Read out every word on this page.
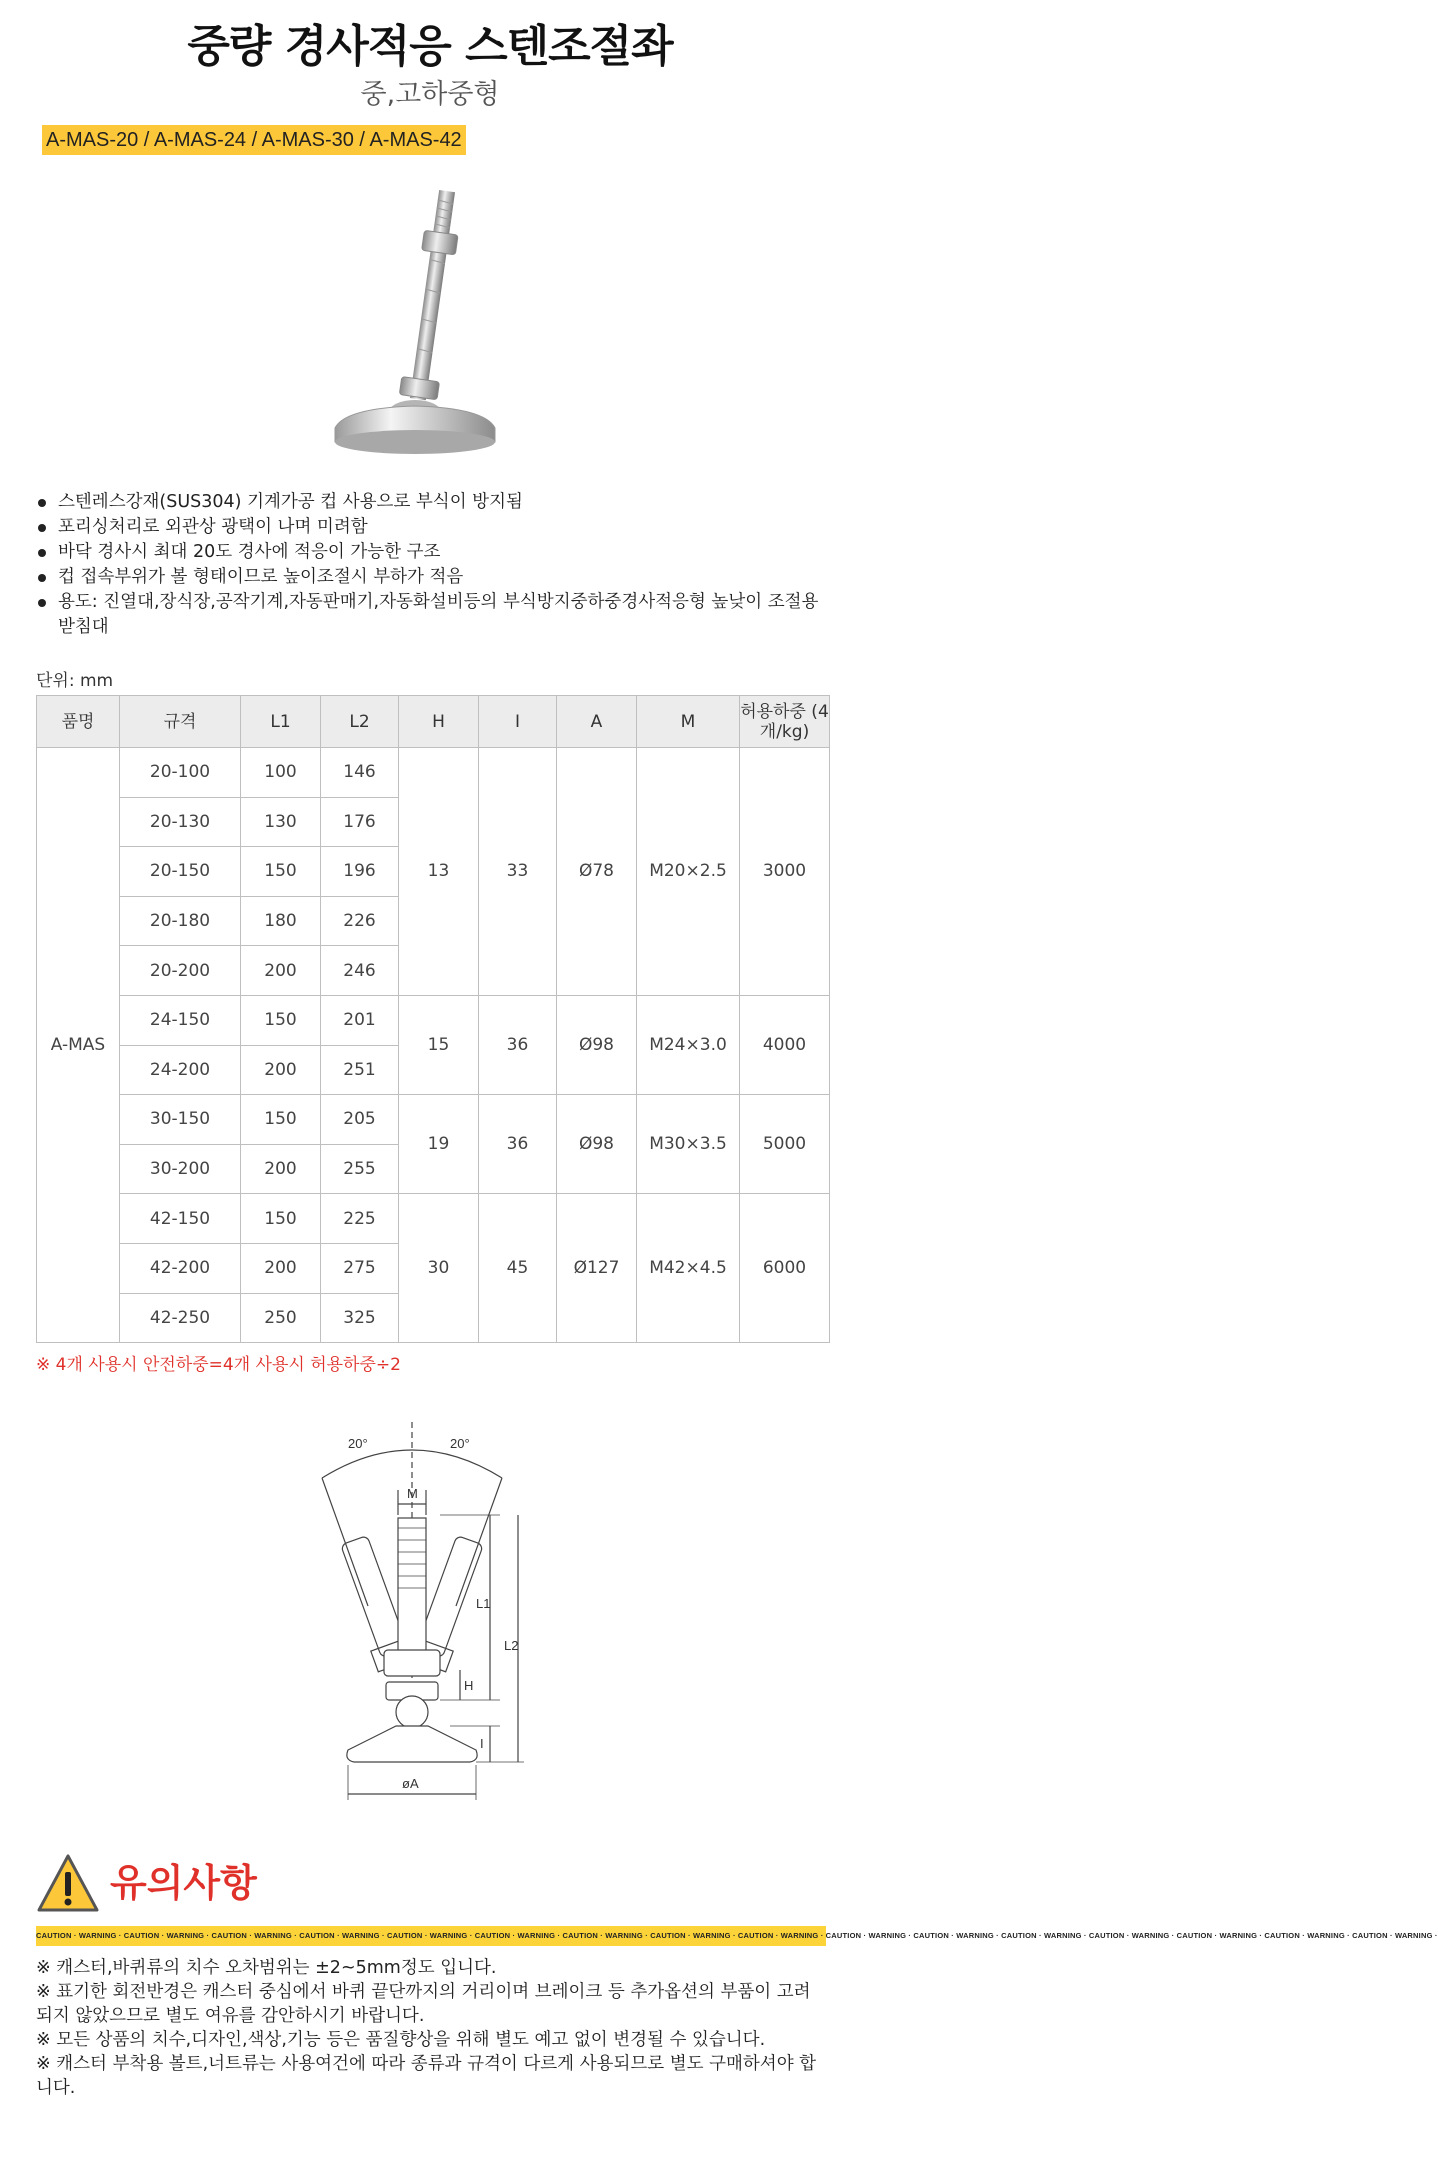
중량 경사적응 스텐조절좌
중,고하중형
A-MAS-20 / A-MAS-24 / A-MAS-30 / A-MAS-42
스텐레스강재(SUS304) 기계가공 컵 사용으로 부식이 방지됨
포리싱처리로 외관상 광택이 나며 미려함
바닥 경사시 최대 20도 경사에 적응이 가능한 구조
컵 접속부위가 볼 형태이므로 높이조절시 부하가 적음
용도: 진열대,장식장,공작기계,자동판매기,자동화설비등의 부식방지중하중경사적응형 높낮이 조절용 받침대
단위: mm
품명	규격	L1	L2	H	I	A	M	허용하중 (4개/kg)
A-MAS	20-100	100	146	13	33	Ø78	M20×2.5	3000
	20-130	130	176					
	20-150	150	196					
	20-180	180	226					
	20-200	200	246					
	24-150	150	201	15	36	Ø98	M24×3.0	4000
	24-200	200	251					
	30-150	150	205	19	36	Ø98	M30×3.5	5000
	30-200	200	255					
	42-150	150	225	30	45	Ø127	M42×4.5	6000
	42-200	200	275					
	42-250	250	325					
※ 4개 사용시 안전하중=4개 사용시 허용하중÷2
20°	20°
M
L1
L2
H
I
øA
유의사항
CAUTION · WARNING · CAUTION · WARNING · CAUTION · WARNING · CAUTION · WARNING · CAUTION · WARNING · CAUTION · WARNING · CAUTION · WARNING · CAUTION · WARNING · CAUTION · WARNING · CAUTION · WARNING · CAUTION · WARNING · CAUTION · WARNING · CAUTION · WARNING · CAUTION · WARNING · CAUTION · WARNING · CAUTION · WARNING ·
※ 캐스터,바퀴류의 치수 오차범위는 ±2~5mm정도 입니다.
※ 표기한 회전반경은 캐스터 중심에서 바퀴 끝단까지의 거리이며 브레이크 등 추가옵션의 부품이 고려되지 않았으므로 별도 여유를 감안하시기 바랍니다.
※ 모든 상품의 치수,디자인,색상,기능 등은 품질향상을 위해 별도 예고 없이 변경될 수 있습니다.
※ 캐스터 부착용 볼트,너트류는 사용여건에 따라 종류과 규격이 다르게 사용되므로 별도 구매하셔야 합니다.
